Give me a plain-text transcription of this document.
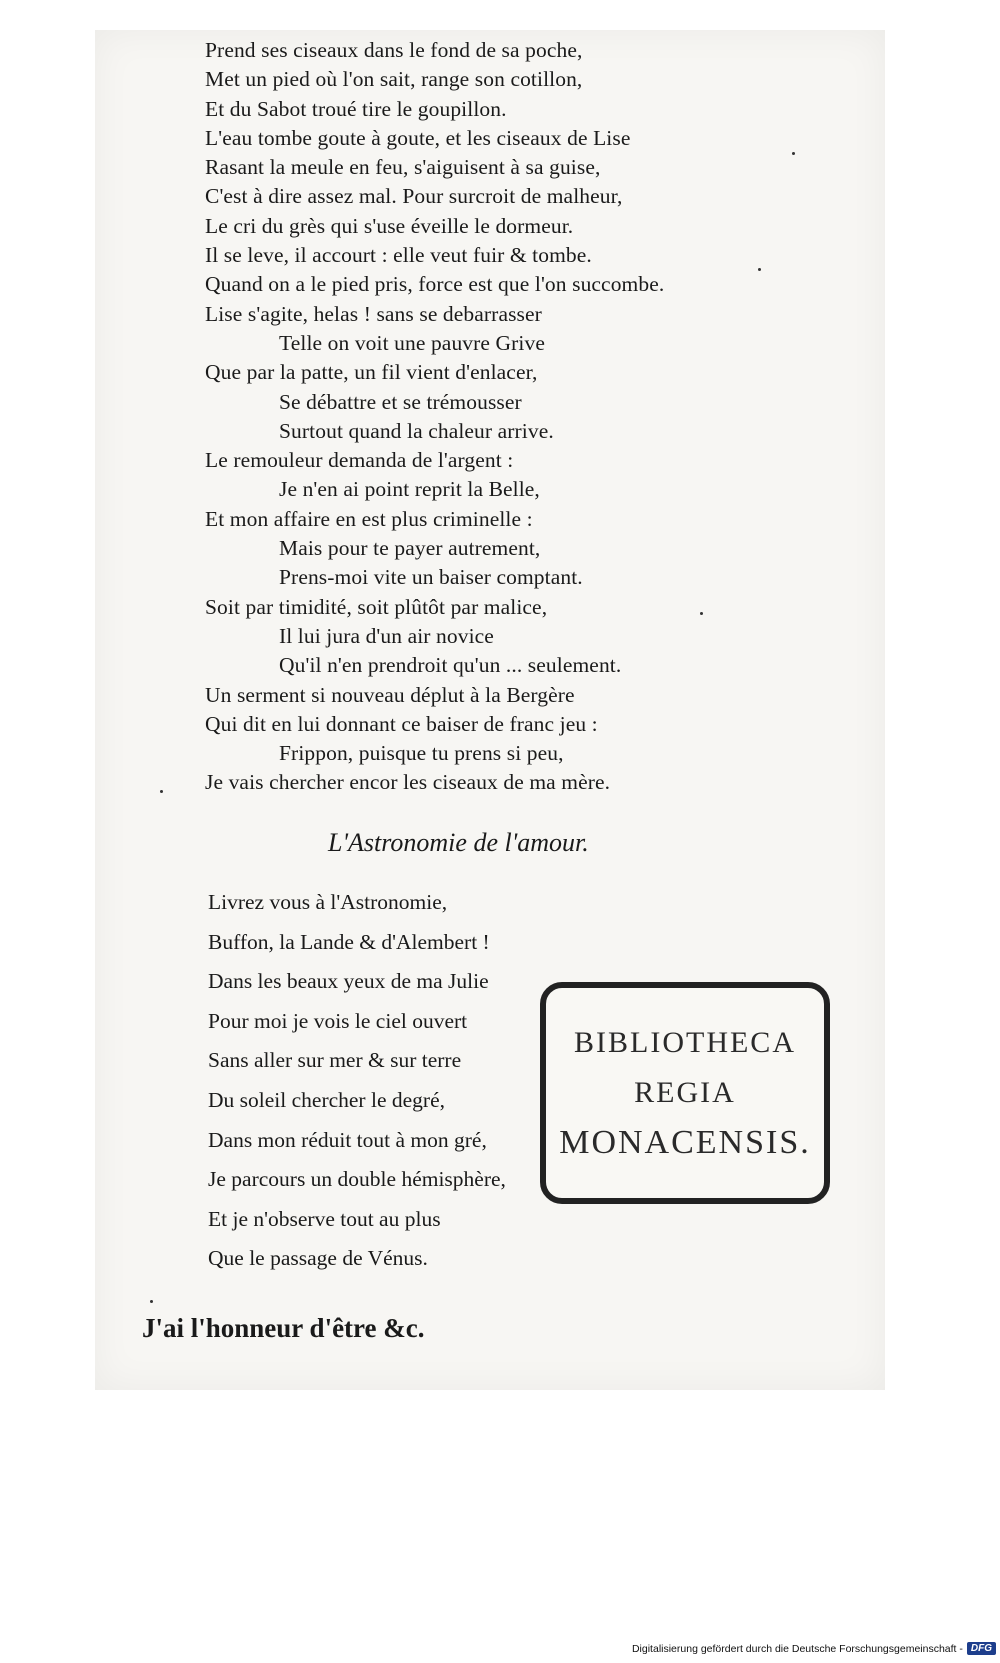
Prend ses ciseaux dans le fond de sa poche,
Met un pied où l'on sait, range son cotillon,
Et du Sabot troué tire le goupillon.
L'eau tombe goute à goute, et les ciseaux de Lise
Rasant la meule en feu, s'aiguisent à sa guise,
C'est à dire assez mal. Pour surcroit de malheur,
Le cri du grès qui s'use éveille le dormeur.
Il se leve, il accourt : elle veut fuir & tombe.
Quand on a le pied pris, force est que l'on succombe.
Lise s'agite, helas ! sans se debarrasser
Telle on voit une pauvre Grive
Que par la patte, un fil vient d'enlacer,
Se débattre et se trémousser
Surtout quand la chaleur arrive.
Le remouleur demanda de l'argent :
Je n'en ai point reprit la Belle,
Et mon affaire en est plus criminelle :
Mais pour te payer autrement,
Prens-moi vite un baiser comptant.
Soit par timidité, soit plûtôt par malice,
Il lui jura d'un air novice
Qu'il n'en prendroit qu'un ... seulement.
Un serment si nouveau déplut à la Bergère
Qui dit en lui donnant ce baiser de franc jeu :
Frippon, puisque tu prens si peu,
Je vais chercher encor les ciseaux de ma mère.
L'Astronomie de l'amour.
Livrez vous à l'Astronomie,
Buffon, la Lande & d'Alembert !
Dans les beaux yeux de ma Julie
Pour moi je vois le ciel ouvert
Sans aller sur mer & sur terre
Du soleil chercher le degré,
Dans mon réduit tout à mon gré,
Je parcours un double hémisphère,
Et je n'observe tout au plus
Que le passage de Vénus.
BIBLIOTHECA
REGIA
MONACENSIS.
J'ai l'honneur d'être &c.
Digitalisierung gefördert durch die Deutsche Forschungsgemeinschaft - DFG
